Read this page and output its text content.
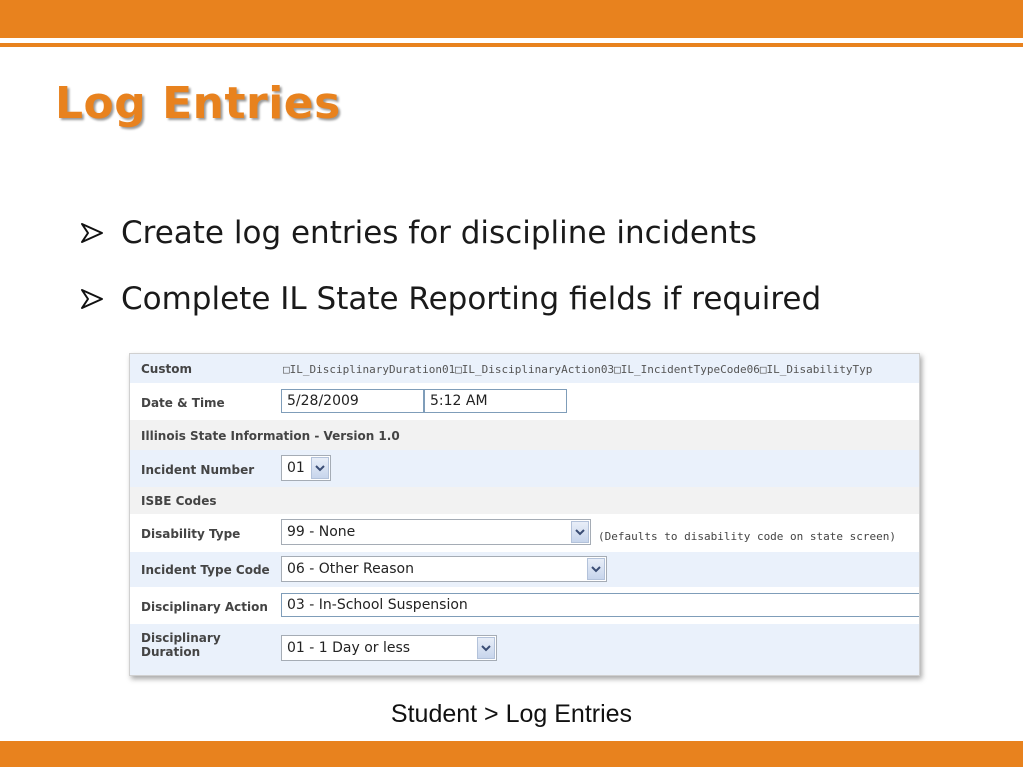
Log Entries
Create log entries for discipline incidents
Complete IL State Reporting fields if required
Custom	□IL_DisciplinaryDuration01□IL_DisciplinaryAction03□IL_IncidentTypeCode06□IL_DisabilityTyp
Date & Time	5/28/2009	5:12 AM
Illinois State Information - Version 1.0
Incident Number	01
ISBE Codes
Disability Type	99 - None	(Defaults to disability code on state screen)
Incident Type Code	06 - Other Reason
Disciplinary Action	03 - In-School Suspension
Disciplinary
Duration	01 - 1 Day or less
Student > Log Entries
